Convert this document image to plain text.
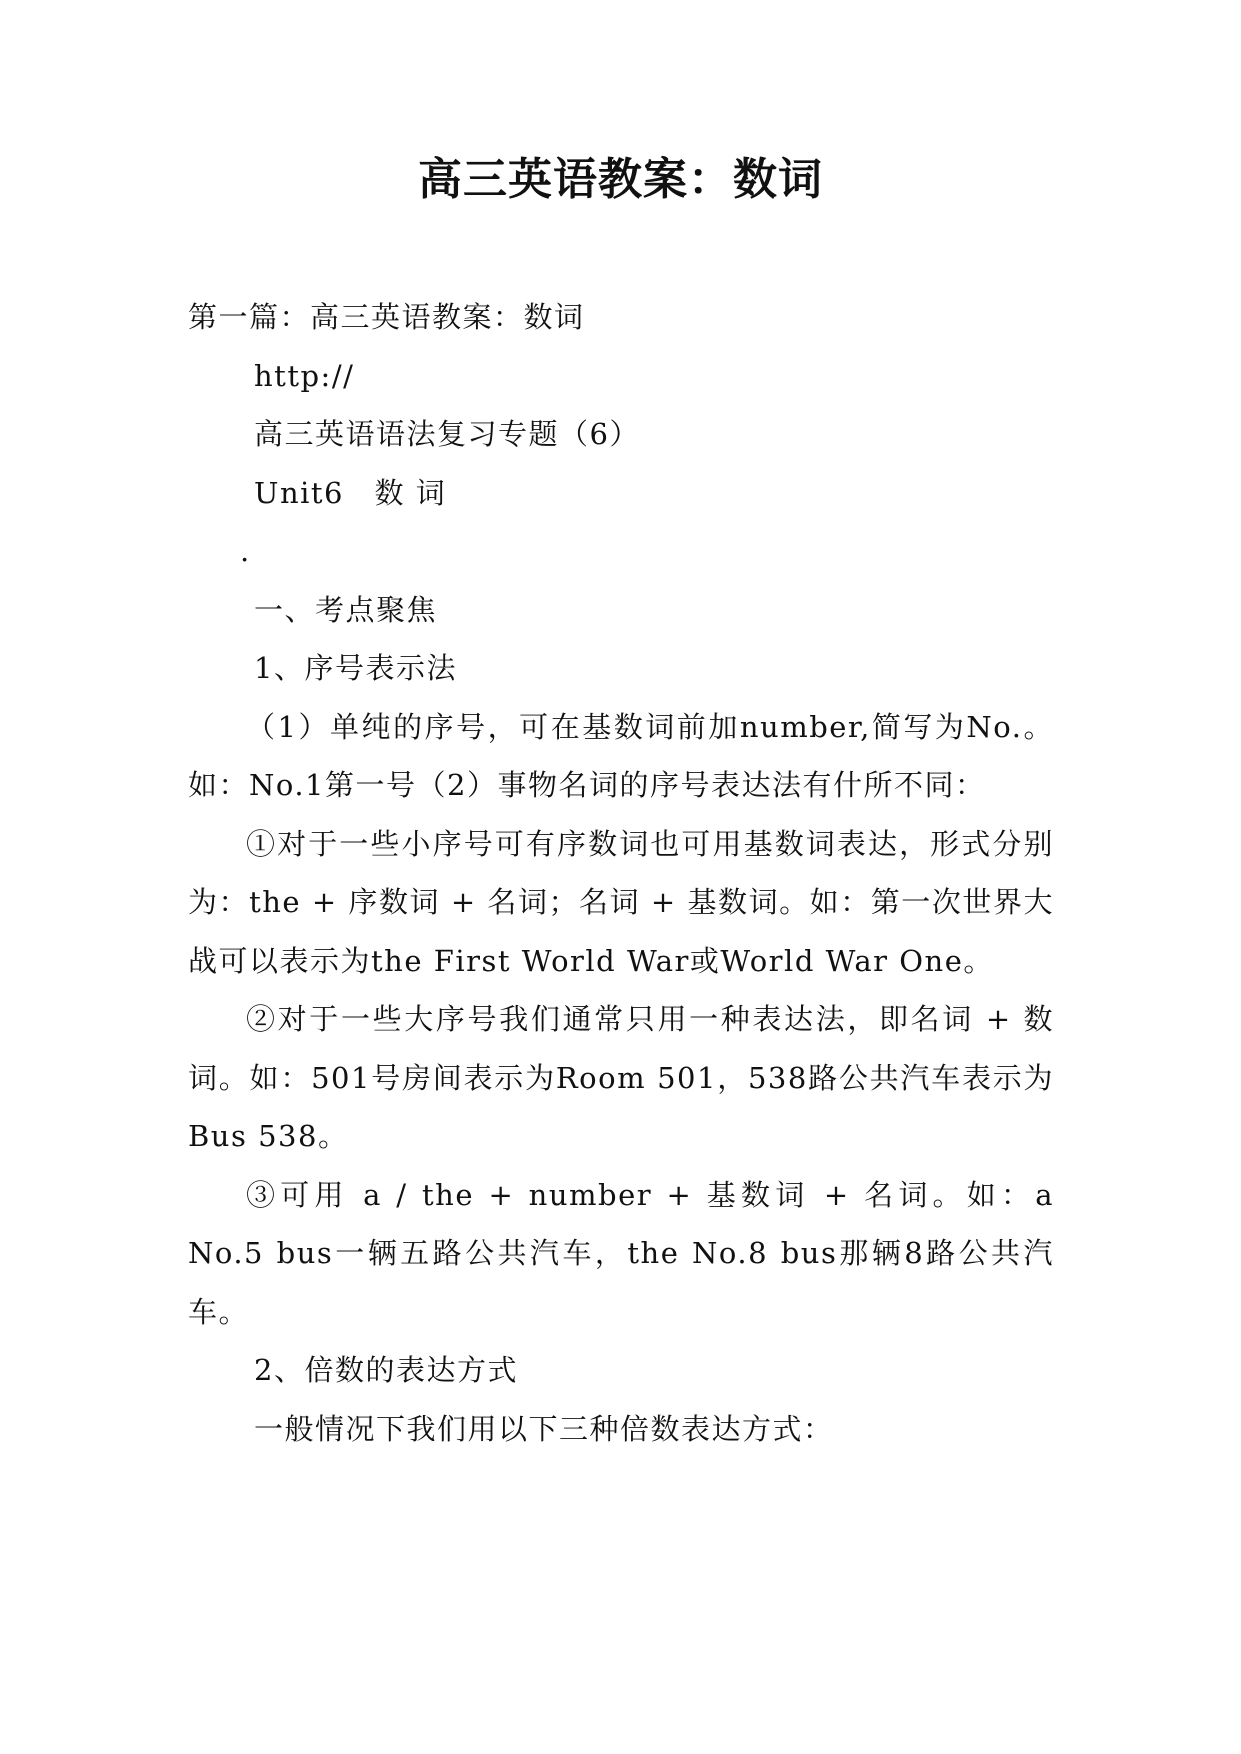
高三英语教案：数词

第一篇：高三英语教案：数词

http://

高三英语语法复习专题（6）

Unit6　数 词

.

一、考点聚焦

1、序号表示法

（1）单纯的序号，可在基数词前加number,简写为No.。如：No.1第一号（2）事物名词的序号表达法有什所不同：

①对于一些小序号可有序数词也可用基数词表达，形式分别为：the + 序数词 + 名词；名词 + 基数词。如：第一次世界大战可以表示为the First World War或World War One。

②对于一些大序号我们通常只用一种表达法，即名词 + 数词。如：501号房间表示为Room 501，538路公共汽车表示为Bus 538。

③可用 a / the + number + 基数词 + 名词。如：a No.5 bus一辆五路公共汽车，the No.8 bus那辆8路公共汽车。

2、倍数的表达方式

一般情况下我们用以下三种倍数表达方式：
